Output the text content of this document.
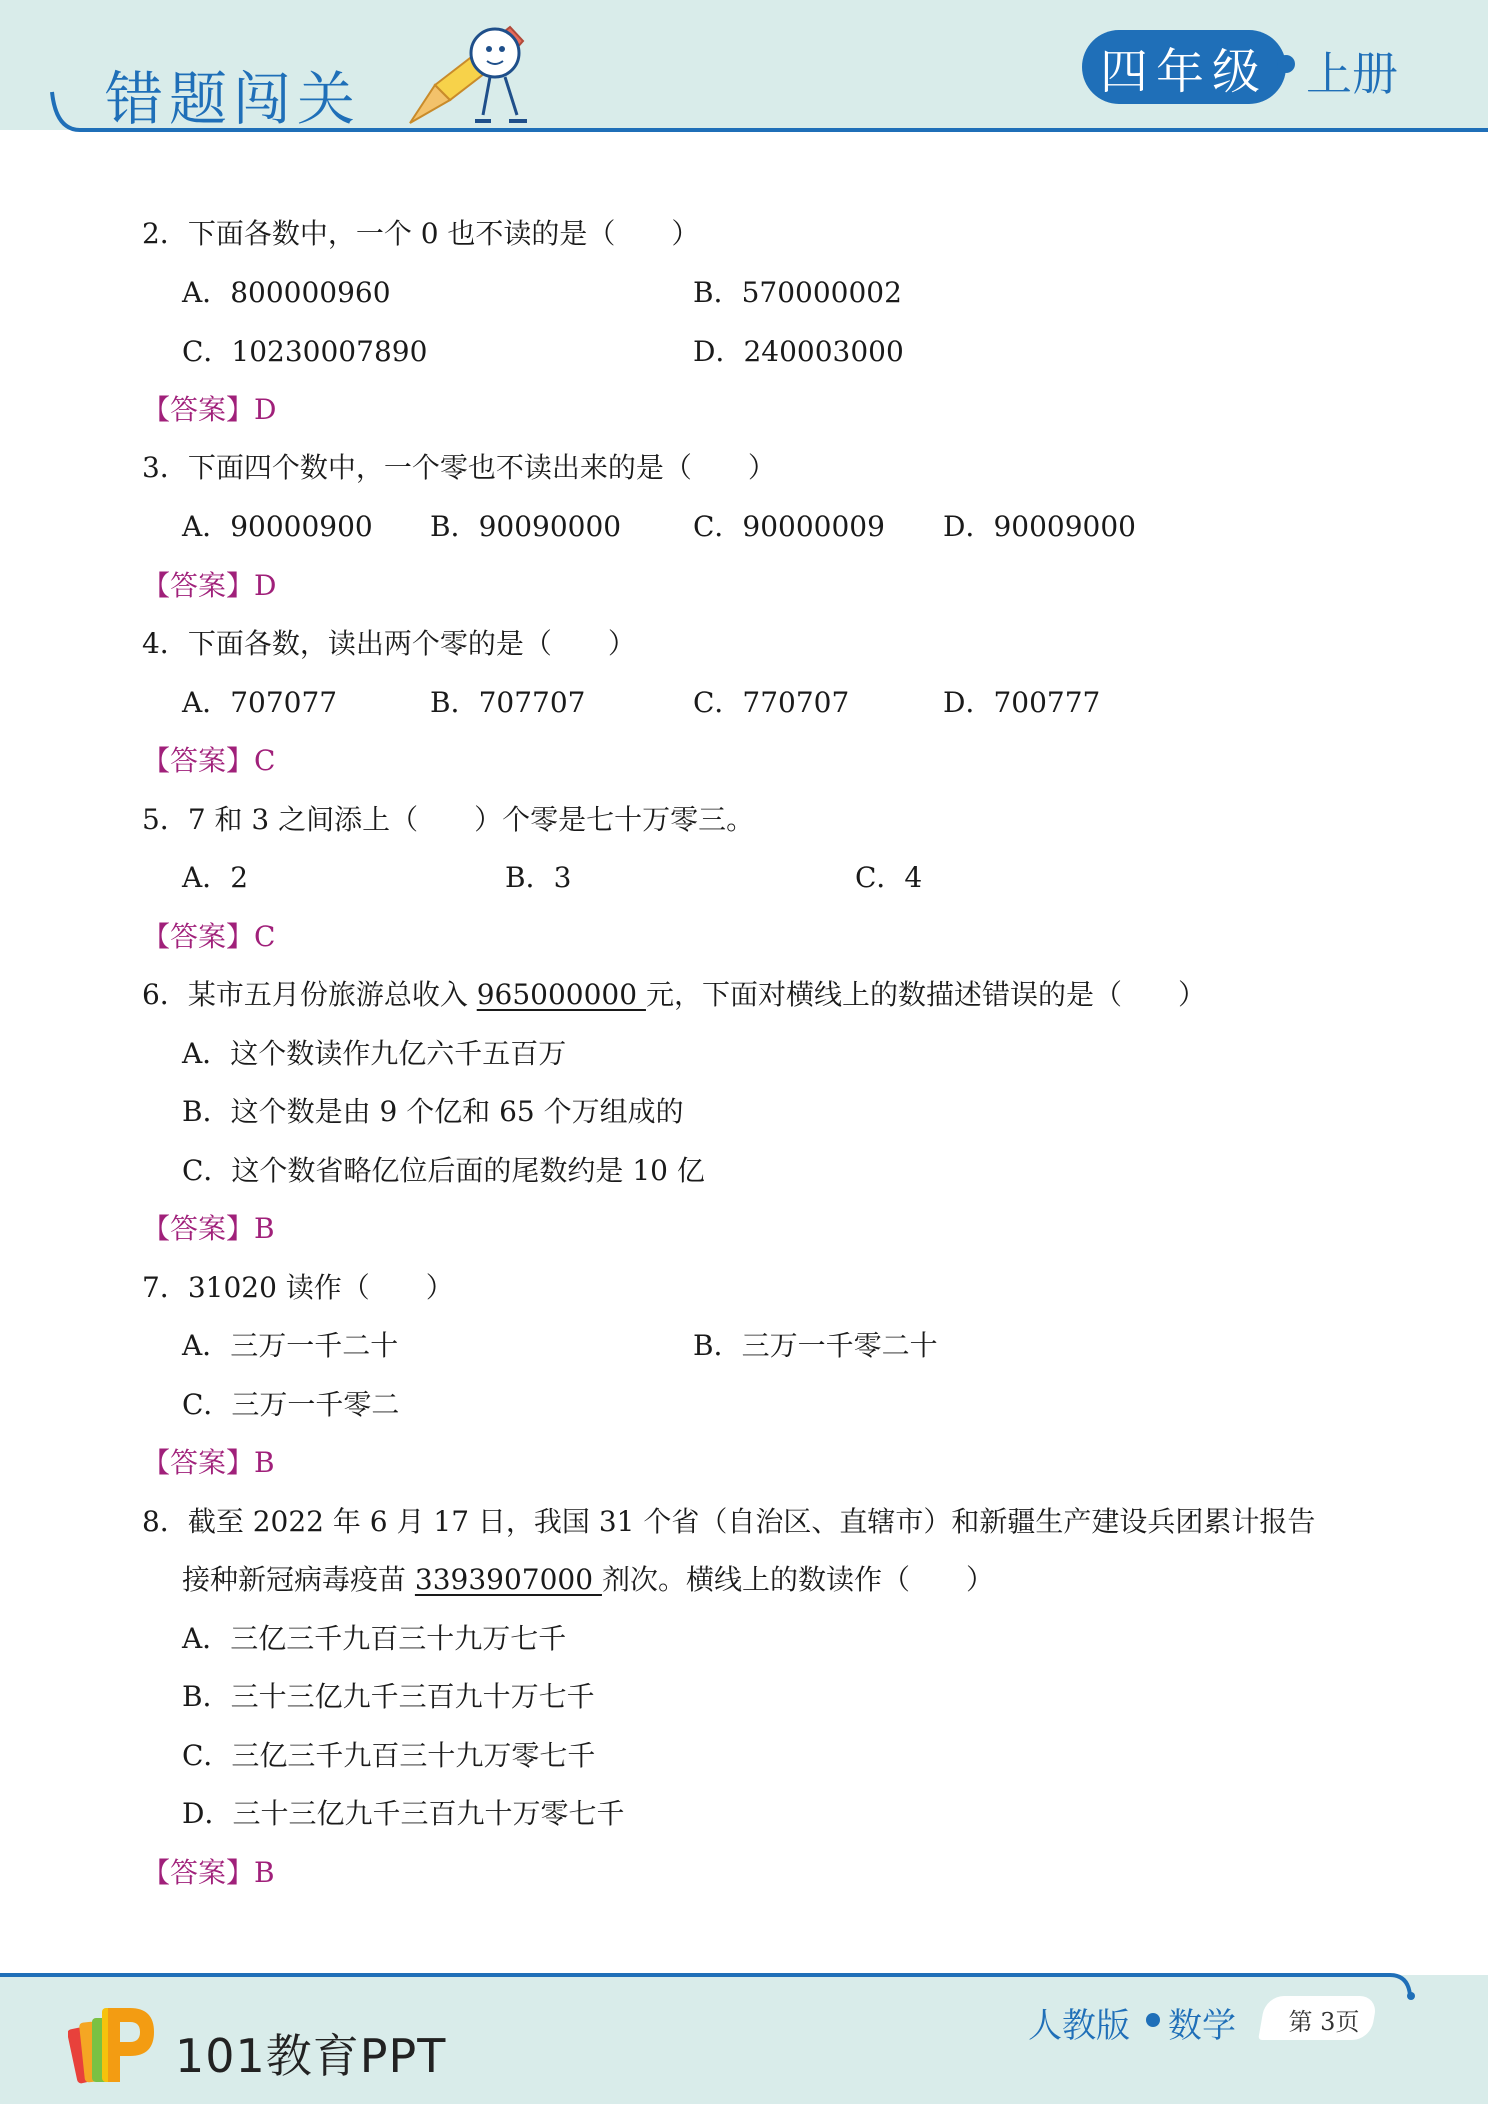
错题闯关	四年级 上册
2．下面各数中，一个 0 也不读的是（　　）
A．800000960	B．570000002
C．10230007890	D．240003000
【答案】D
3．下面四个数中，一个零也不读出来的是（　　）
A．90000900 B．90090000	C．90000009 D．90009000
【答案】D
4．下面各数，读出两个零的是（　　）
A．707077	B．707707	C．770707	D．700777
【答案】C
5．7 和 3 之间添上（　　）个零是七十万零三。
A．2	B．3	C．4
【答案】C
6．某市五月份旅游总收入 965000000 元，下面对横线上的数描述错误的是（　　）
A．这个数读作九亿六千五百万
B．这个数是由 9 个亿和 65 个万组成的
C．这个数省略亿位后面的尾数约是 10 亿
【答案】B
7．31020 读作（　　）
A．三万一千二十	B．三万一千零二十
C．三万一千零二
【答案】B
8．截至 2022 年 6 月 17 日，我国 31 个省（自治区、直辖市）和新疆生产建设兵团累计报告
接种新冠病毒疫苗 3393907000 剂次。横线上的数读作（　　）
A．三亿三千九百三十九万七千
B．三十三亿九千三百九十万七千
C．三亿三千九百三十九万零七千
D．三十三亿九千三百九十万零七千
【答案】B
101教育PPT
人教版 数学	第 3页
